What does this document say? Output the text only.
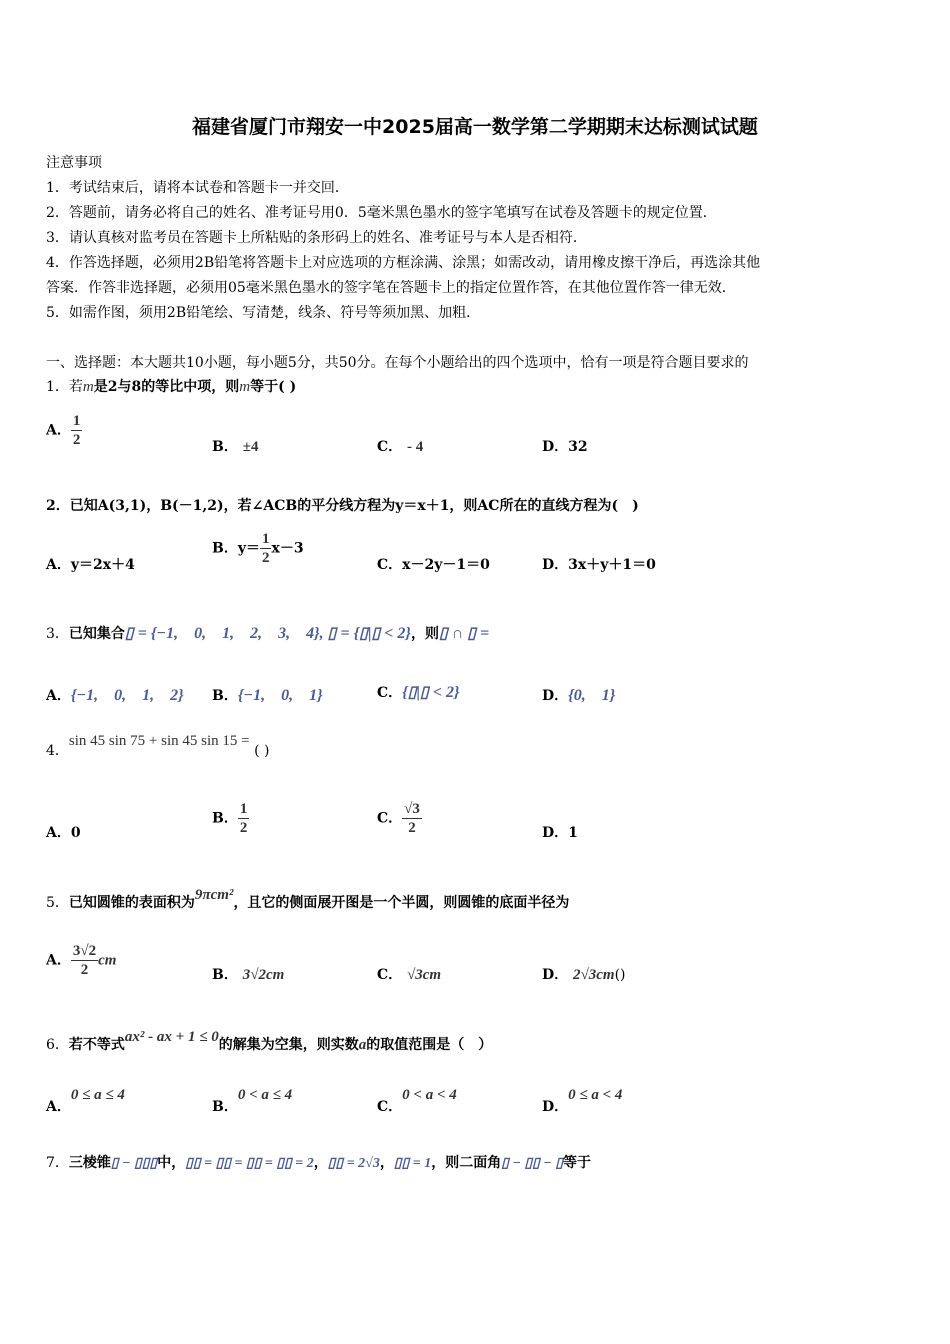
福建省厦门市翔安一中2025届高一数学第二学期期末达标测试试题
注意事项
1．考试结束后，请将本试卷和答题卡一并交回．
2．答题前，请务必将自己的姓名、准考证号用0．5毫米黑色墨水的签字笔填写在试卷及答题卡的规定位置．
3．请认真核对监考员在答题卡上所粘贴的条形码上的姓名、准考证号与本人是否相符．
4．作答选择题，必须用2B铅笔将答题卡上对应选项的方框涂满、涂黑；如需改动，请用橡皮擦干净后，再选涂其他
答案．作答非选择题，必须用05毫米黑色墨水的签字笔在答题卡上的指定位置作答，在其他位置作答一律无效．
5．如需作图，须用2B铅笔绘、写清楚，线条、符号等须加黑、加粗．
一、选择题：本大题共10小题，每小题5分，共50分。在每个小题给出的四个选项中，恰有一项是符合题目要求的
1．若m是2与8的等比中项，则m等于( )
A． $\frac{1}{2}$	B． ±4	C． - 4	D．32
2．已知A(3,1)，B(－1,2)，若∠ACB的平分线方程为y＝x＋1，则AC所在的直线方程为(　)
A．y＝2x＋4
B．$y= \frac{1}{2} x-3$
C．x－2y－1＝0	D．3x＋y＋1＝0
3．已知集合▯ = {−1,　0,　1,　2,　3,　4}, ▯ = {▯|▯ < 2}，则▯ ∩ ▯ =
A．{−1,　0,　1,　2} B．{−1,　0,　1}	C．{▯|▯ < 2}	D．{0,　1}
4．sin 45 sin 75 + sin 45 sin 15 = ( )
A．0
B． $\frac{1}{2}$	C． $\frac{√3}{2}$	D．1
5．已知圆锥的表面积为9πcm²，且它的侧面展开图是一个半圆，则圆锥的底面半径为
A． $\frac{3√2}{2}$ cm
B． 3√2cm	C． √3cm	D． 2√3cm()
6．若不等式ax² - ax + 1 ≤ 0的解集为空集，则实数a的取值范围是（　）
A．0 ≤ a ≤ 4
B．0 < a ≤ 4
C．0 < a < 4
D．0 ≤ a < 4
7．三棱锥▯ − ▯▯▯中，▯▯ = ▯▯ = ▯▯ = ▯▯ = 2，▯▯ = 2√3，▯▯ = 1，则二面角▯ − ▯▯ − ▯等于
